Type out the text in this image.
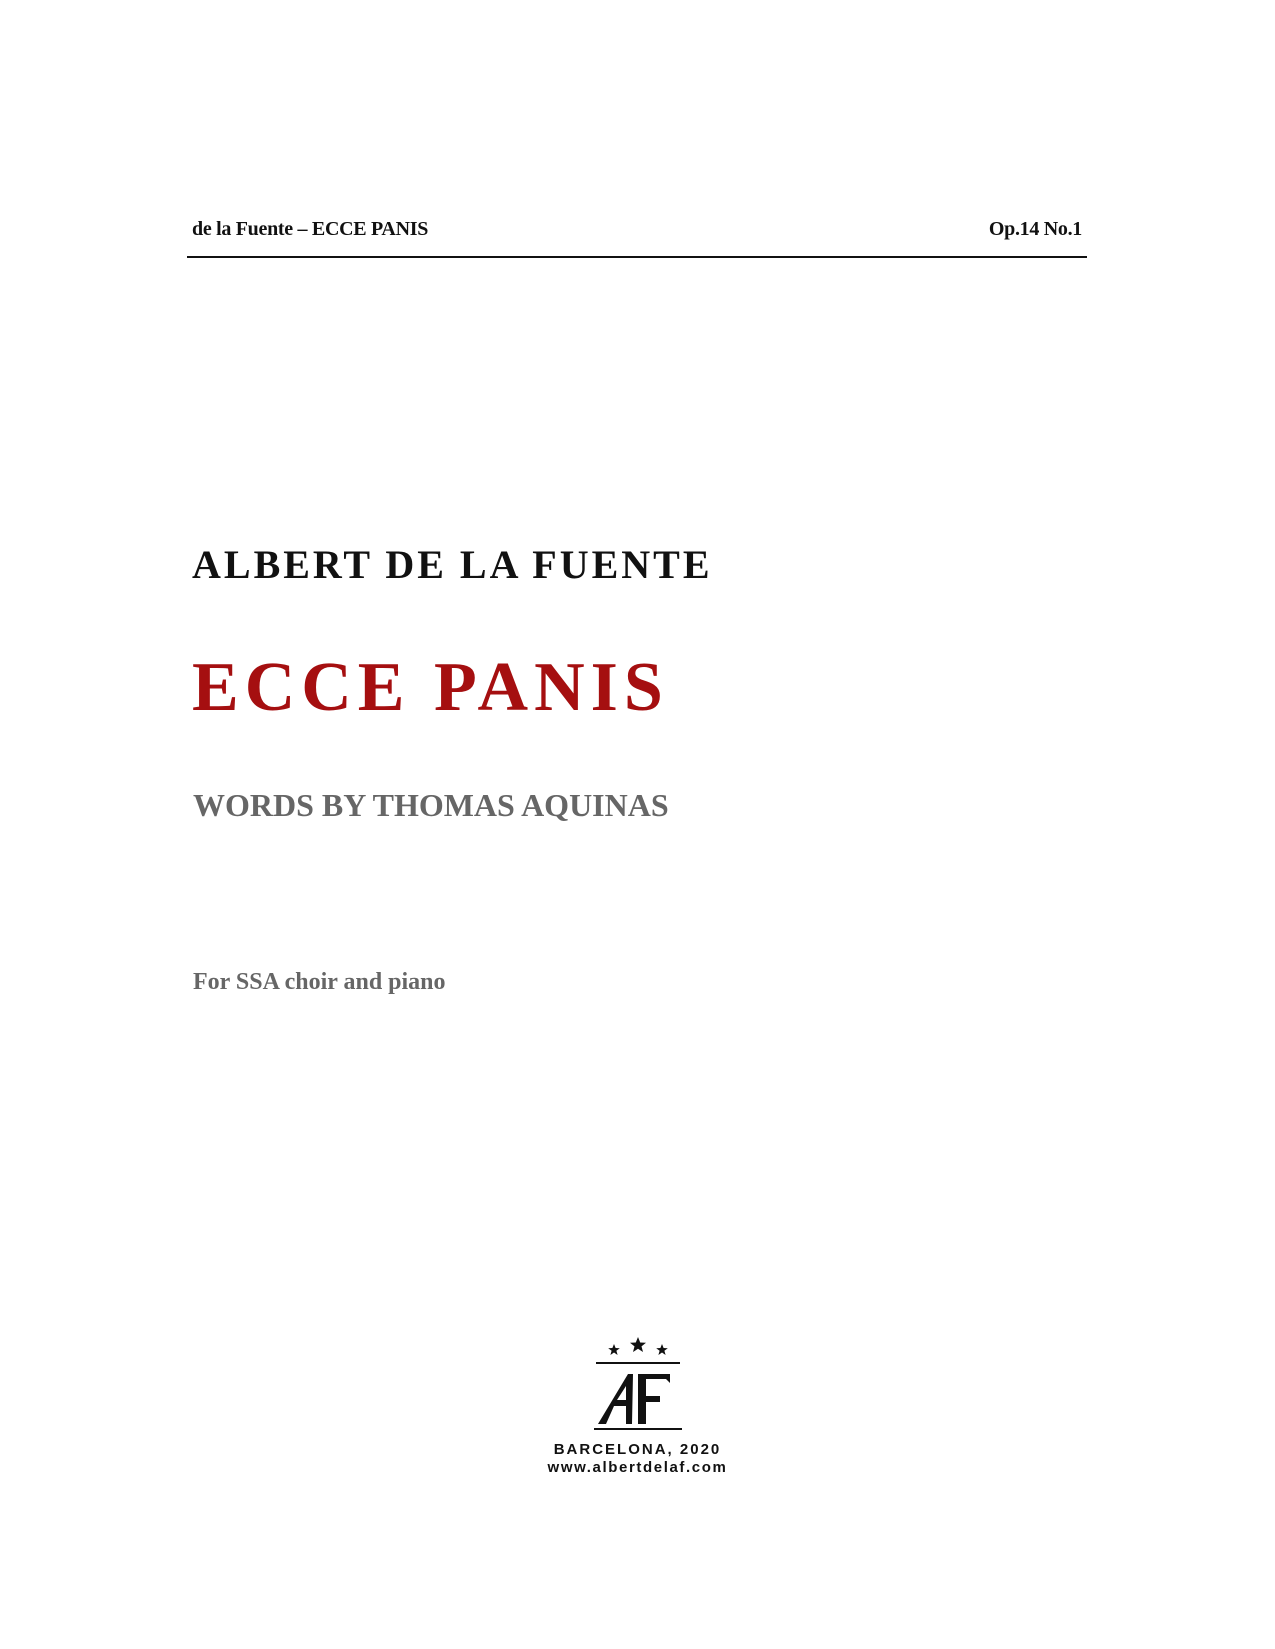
de la Fuente – ECCE PANIS	Op.14 No.1
ALBERT DE LA FUENTE
ECCE PANIS
WORDS BY THOMAS AQUINAS
For SSA choir and piano
BARCELONA, 2020
www.albertdelaf.com
